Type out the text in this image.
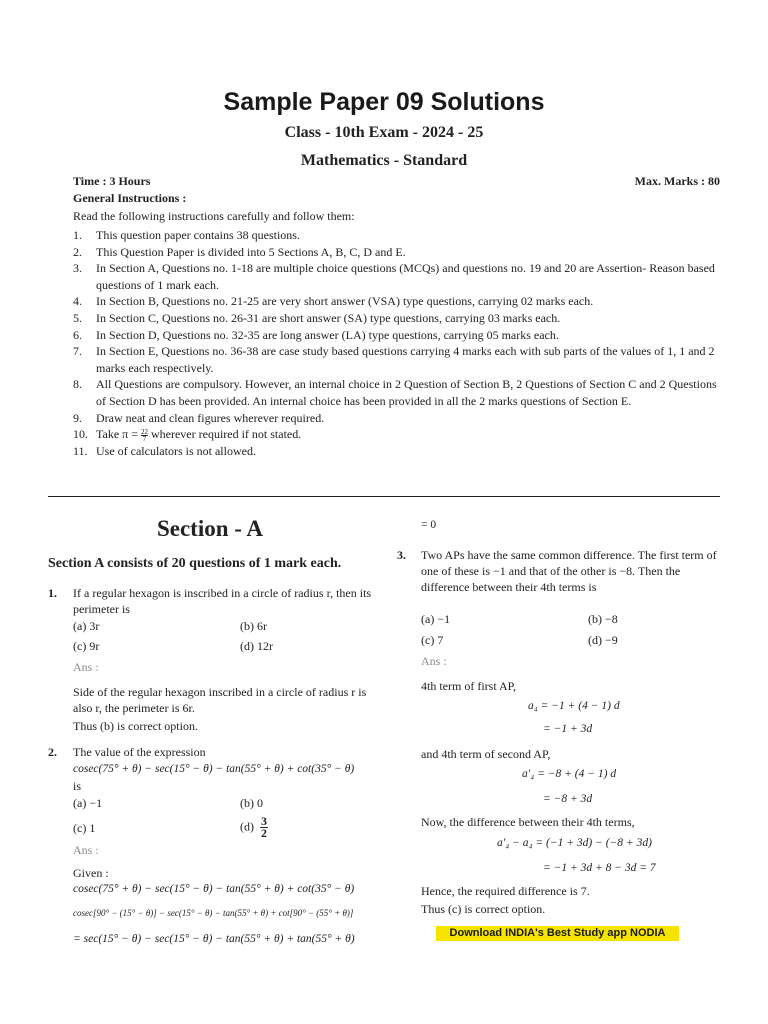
Sample Paper 09 Solutions
Class - 10th Exam - 2024 - 25
Mathematics - Standard
Time : 3 Hours	Max. Marks : 80
General Instructions :
Read the following instructions carefully and follow them:
1.	This question paper contains 38 questions.
2.	This Question Paper is divided into 5 Sections A, B, C, D and E.
3.	In Section A, Questions no. 1-18 are multiple choice questions (MCQs) and questions no. 19 and 20 are Assertion- Reason based questions of 1 mark each.
4.	In Section B, Questions no. 21-25 are very short answer (VSA) type questions, carrying 02 marks each.
5.	In Section C, Questions no. 26-31 are short answer (SA) type questions, carrying 03 marks each.
6.	In Section D, Questions no. 32-35 are long answer (LA) type questions, carrying 05 marks each.
7.	In Section E, Questions no. 36-38 are case study based questions carrying 4 marks each with sub parts of the values of 1, 1 and 2 marks each respectively.
8.	All Questions are compulsory. However, an internal choice in 2 Question of Section B, 2 Questions of Section C and 2 Questions of Section D has been provided. An internal choice has been provided in all the 2 marks questions of Section E.
9.	Draw neat and clean figures wherever required.
10. Take $\pi = \frac{22}{7}$ wherever required if not stated.
11. Use of calculators is not allowed.
Section - A
Section A consists of 20 questions of 1 mark each.
1. If a regular hexagon is inscribed in a circle of radius r, then its perimeter is
(a) 3r	(b) 6r
(c) 9r	(d) 12r
Ans :
Side of the regular hexagon inscribed in a circle of radius r is also r, the perimeter is 6r.
Thus (b) is correct option.
2. The value of the expression
cosec(75° + θ) − sec(15° − θ) − tan(55° + θ) + cot(35° − θ)
is
(a) −1	(b) 0
(c) 1	$(d) \frac{3}{2}$
Ans :
Given :
cosec(75° + θ) − sec(15° − θ) − tan(55° + θ) + cot(35° − θ)
cosec[90° − (15° − θ)] − sec(15° − θ) − tan(55° + θ) + cot[90° − (55° + θ)]
= sec(15° − θ) − sec(15° − θ) − tan(55° + θ) + tan(55° + θ)
= 0
3. Two APs have the same common difference. The first term of one of these is −1 and that of the other is −8. Then the difference between their 4th terms is
(a) −1	(b) −8
(c) 7	(d) −9
Ans :
4th term of first AP,
a₄ = −1 + (4 − 1) d
= −1 + 3d
and 4th term of second AP,
a′₄ = −8 + (4 − 1) d
= −8 + 3d
Now, the difference between their 4th terms,
a′₄ − a₄ = (−1 + 3d) − (−8 + 3d)
= −1 + 3d + 8 − 3d = 7
Hence, the required difference is 7.
Thus (c) is correct option.
Download INDIA's Best Study app NODIA
